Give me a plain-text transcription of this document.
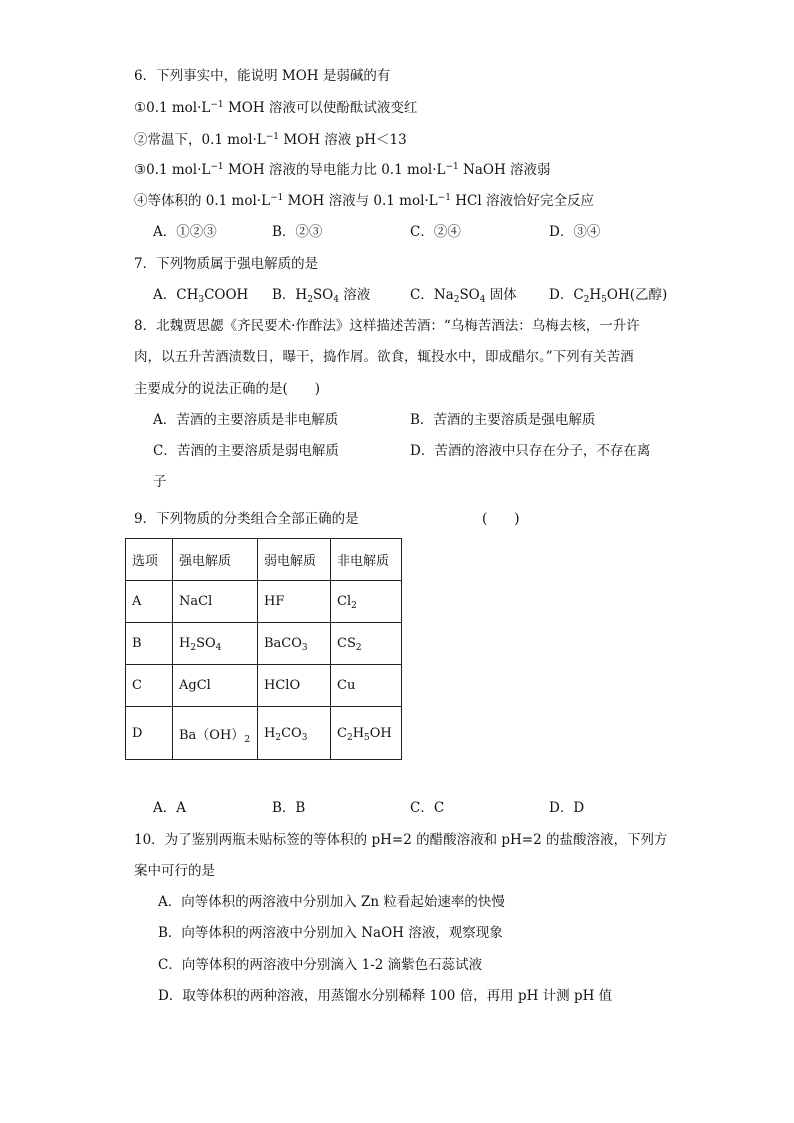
6．下列事实中，能说明 MOH 是弱碱的有
①0.1 $mol\cdot L^{-1}$ MOH 溶液可以使酚酞试液变红
②常温下，0.1 $mol\cdot L^{-1}$ MOH 溶液 pH＜13
③0.1 $mol\cdot L^{-1}$ MOH 溶液的导电能力比 0.1 $mol\cdot L^{-1}$ NaOH 溶液弱
④等体积的 0.1 $mol\cdot L^{-1}$ MOH 溶液与 0.1 $mol\cdot L^{-1}$ HCl 溶液恰好完全反应
A．①②③	B．②③	C．②④	D．③④
7．下列物质属于强电解质的是
A．$CH_3COOH$ B．$H_2SO_4$ 溶液	C．$Na_2SO_4$ 固体 D．$C_2H_5OH$(乙醇)
8．北魏贾思勰《齐民要术·作酢法》这样描述苦酒：“乌梅苦酒法：乌梅去核，一升许
肉，以五升苦酒渍数日，曝干，捣作屑。欲食，辄投水中，即成醋尔。”下列有关苦酒
主要成分的说法正确的是(　　)
A．苦酒的主要溶质是非电解质	B．苦酒的主要溶质是强电解质
C．苦酒的主要溶质是弱电解质	D．苦酒的溶液中只存在分子，不存在离
子
9．下列物质的分类组合全部正确的是	(　　)
选项	强电解质	弱电解质	非电解质
A	NaCl	HF	$Cl_2$
B	$H_2SO_4$	BaCO$_3$	$CS_2$
C	AgCl	HClO	Cu
D	$Ba(OH)_2$	$H_2CO_3$	$C_2H_5OH$
A．A	B．B	C．C	D．D
10．为了鉴别两瓶未贴标签的等体积的 pH=2 的醋酸溶液和 pH=2 的盐酸溶液，下列方
案中可行的是
A．向等体积的两溶液中分别加入 Zn 粒看起始速率的快慢
B．向等体积的两溶液中分别加入 NaOH 溶液，观察现象
C．向等体积的两溶液中分别滴入 1-2 滴紫色石蕊试液
D．取等体积的两种溶液，用蒸馏水分别稀释 100 倍，再用 pH 计测 pH 值
